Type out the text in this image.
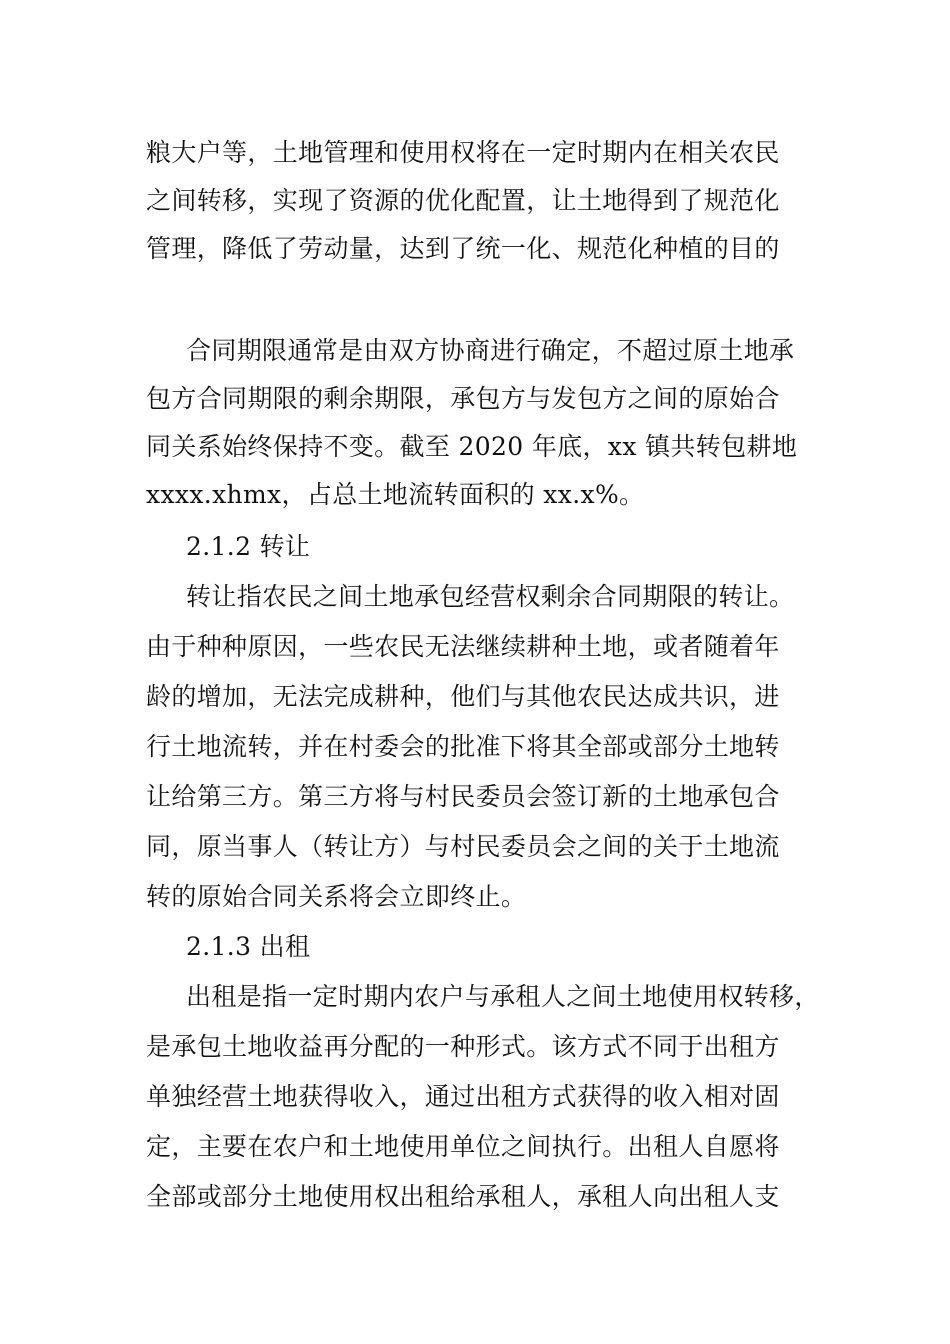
粮大户等，土地管理和使用权将在一定时期内在相关农民
之间转移，实现了资源的优化配置，让土地得到了规范化
管理，降低了劳动量，达到了统一化、规范化种植的目的
合同期限通常是由双方协商进行确定，不超过原土地承
包方合同期限的剩余期限，承包方与发包方之间的原始合
同关系始终保持不变。截至 2020 年底，xx 镇共转包耕地
xxxx.xhmx，占总土地流转面积的 xx.x%。
2.1.2 转让
转让指农民之间土地承包经营权剩余合同期限的转让。
由于种种原因，一些农民无法继续耕种土地，或者随着年
龄的增加，无法完成耕种，他们与其他农民达成共识，进
行土地流转，并在村委会的批准下将其全部或部分土地转
让给第三方。第三方将与村民委员会签订新的土地承包合
同，原当事人（转让方）与村民委员会之间的关于土地流
转的原始合同关系将会立即终止。
2.1.3 出租
出租是指一定时期内农户与承租人之间土地使用权转移，
是承包土地收益再分配的一种形式。该方式不同于出租方
单独经营土地获得收入，通过出租方式获得的收入相对固
定，主要在农户和土地使用单位之间执行。出租人自愿将
全部或部分土地使用权出租给承租人，承租人向出租人支
